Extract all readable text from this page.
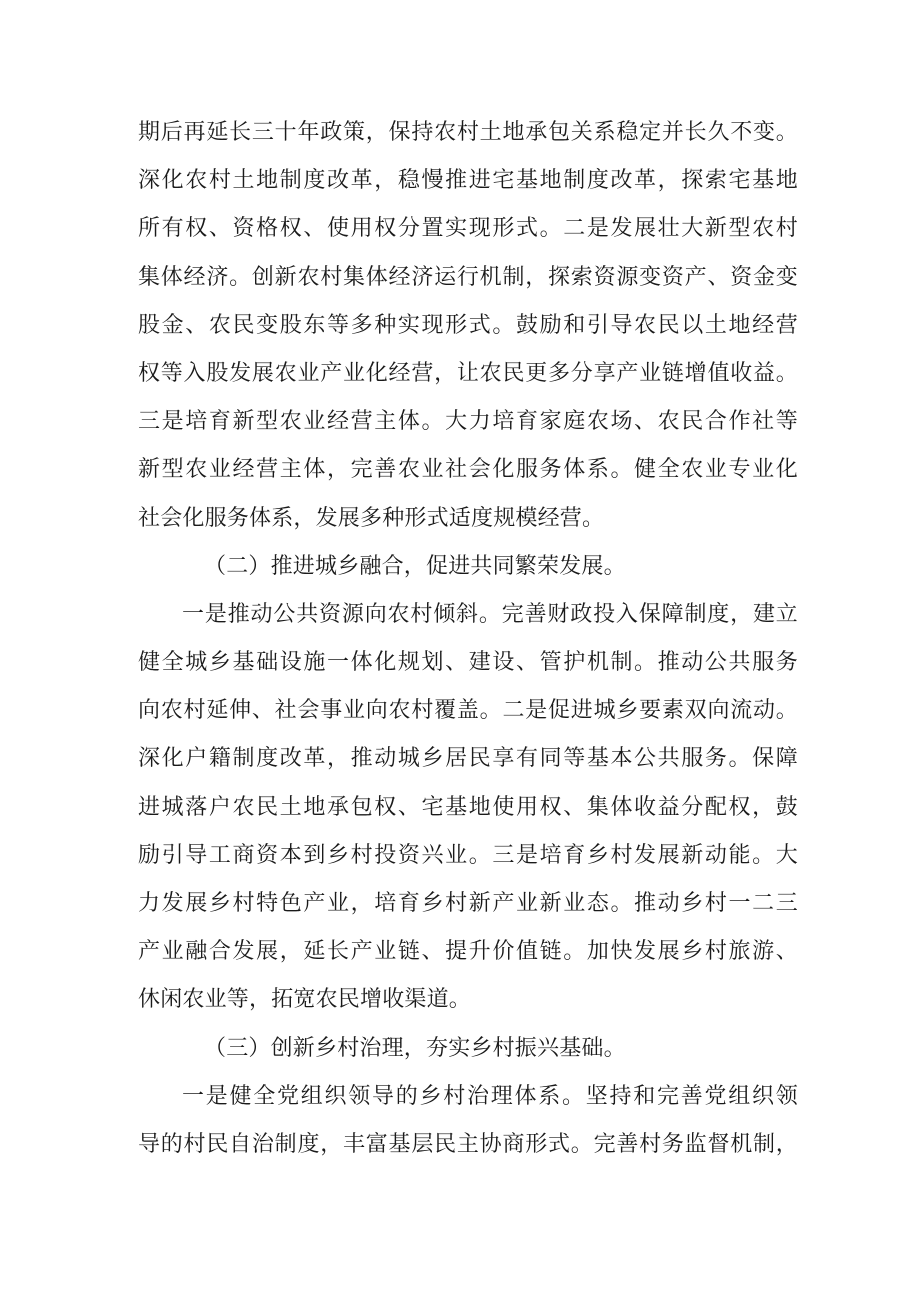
期后再延长三十年政策，保持农村土地承包关系稳定并长久不变。
深化农村土地制度改革，稳慢推进宅基地制度改革，探索宅基地
所有权、资格权、使用权分置实现形式。二是发展壮大新型农村
集体经济。创新农村集体经济运行机制，探索资源变资产、资金变
股金、农民变股东等多种实现形式。鼓励和引导农民以土地经营
权等入股发展农业产业化经营，让农民更多分享产业链增值收益。
三是培育新型农业经营主体。大力培育家庭农场、农民合作社等
新型农业经营主体，完善农业社会化服务体系。健全农业专业化
社会化服务体系，发展多种形式适度规模经营。
（二）推进城乡融合，促进共同繁荣发展。
一是推动公共资源向农村倾斜。完善财政投入保障制度，建立
健全城乡基础设施一体化规划、建设、管护机制。推动公共服务
向农村延伸、社会事业向农村覆盖。二是促进城乡要素双向流动。
深化户籍制度改革，推动城乡居民享有同等基本公共服务。保障
进城落户农民土地承包权、宅基地使用权、集体收益分配权，鼓
励引导工商资本到乡村投资兴业。三是培育乡村发展新动能。大
力发展乡村特色产业，培育乡村新产业新业态。推动乡村一二三
产业融合发展，延长产业链、提升价值链。加快发展乡村旅游、
休闲农业等，拓宽农民增收渠道。
（三）创新乡村治理，夯实乡村振兴基础。
一是健全党组织领导的乡村治理体系。坚持和完善党组织领
导的村民自治制度，丰富基层民主协商形式。完善村务监督机制，
